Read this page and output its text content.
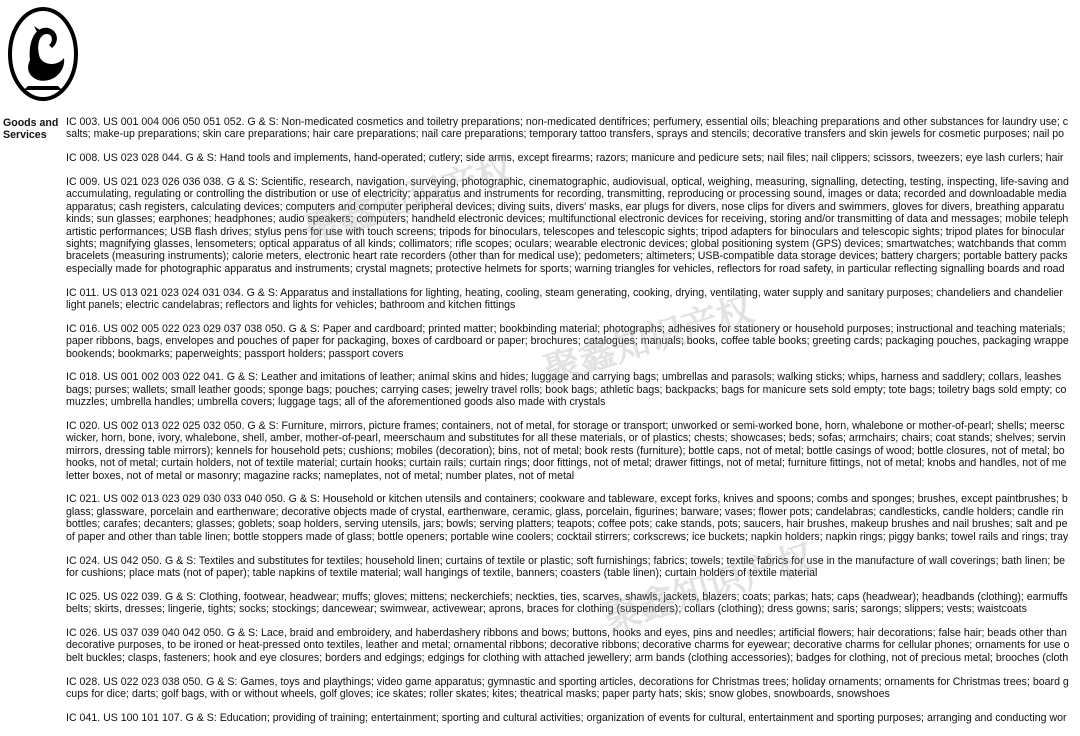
Goods and Services
IC 003. US 001 004 006 050 051 052. G & S: Non-medicated cosmetics and toiletry preparations; non-medicated dentifrices; perfumery, essential oils; bleaching preparations and other substances for laundry use; c
salts; make-up preparations; skin care preparations; hair care preparations; nail care preparations; temporary tattoo transfers, sprays and stencils; decorative transfers and skin jewels for cosmetic purposes; nail po
IC 008. US 023 028 044. G & S: Hand tools and implements, hand-operated; cutlery; side arms, except firearms; razors; manicure and pedicure sets; nail files; nail clippers; scissors, tweezers; eye lash curlers; hair
IC 009. US 021 023 026 036 038. G & S: Scientific, research, navigation, surveying, photographic, cinematographic, audiovisual, optical, weighing, measuring, signalling, detecting, testing, inspecting, life-saving and
accumulating, regulating or controlling the distribution or use of electricity; apparatus and instruments for recording, transmitting, reproducing or processing sound, images or data; recorded and downloadable media
apparatus; cash registers, calculating devices; computers and computer peripheral devices; diving suits, divers' masks, ear plugs for divers, nose clips for divers and swimmers, gloves for divers, breathing apparatu
kinds; sun glasses; earphones; headphones; audio speakers; computers; handheld electronic devices; multifunctional electronic devices for receiving, storing and/or transmitting of data and messages; mobile teleph
artistic performances; USB flash drives; stylus pens for use with touch screens; tripods for binoculars, telescopes and telescopic sights; tripod adapters for binoculars and telescopic sights; tripod plates for binocular
sights; magnifying glasses, lensometers; optical apparatus of all kinds; collimators; rifle scopes; oculars; wearable electronic devices; global positioning system (GPS) devices; smartwatches; watchbands that comm
bracelets (measuring instruments); calorie meters, electronic heart rate recorders (other than for medical use); pedometers; altimeters; USB-compatible data storage devices; battery chargers; portable battery packs
especially made for photographic apparatus and instruments; crystal magnets; protective helmets for sports; warning triangles for vehicles, reflectors for road safety, in particular reflecting signalling boards and road
IC 011. US 013 021 023 024 031 034. G & S: Apparatus and installations for lighting, heating, cooling, steam generating, cooking, drying, ventilating, water supply and sanitary purposes; chandeliers and chandelier
light panels; electric candelabras; reflectors and lights for vehicles; bathroom and kitchen fittings
IC 016. US 002 005 022 023 029 037 038 050. G & S: Paper and cardboard; printed matter; bookbinding material; photographs; adhesives for stationery or household purposes; instructional and teaching materials;
paper ribbons, bags, envelopes and pouches of paper for packaging, boxes of cardboard or paper; brochures; catalogues; manuals; books, coffee table books; greeting cards; packaging pouches, packaging wrappe
bookends; bookmarks; paperweights; passport holders; passport covers
IC 018. US 001 002 003 022 041. G & S: Leather and imitations of leather; animal skins and hides; luggage and carrying bags; umbrellas and parasols; walking sticks; whips, harness and saddlery; collars, leashes
bags; purses; wallets; small leather goods; sponge bags; pouches; carrying cases; jewelry travel rolls; book bags; athletic bags; backpacks; bags for manicure sets sold empty; tote bags; toiletry bags sold empty; co
muzzles; umbrella handles; umbrella covers; luggage tags; all of the aforementioned goods also made with crystals
IC 020. US 002 013 022 025 032 050. G & S: Furniture, mirrors, picture frames; containers, not of metal, for storage or transport; unworked or semi-worked bone, horn, whalebone or mother-of-pearl; shells; meersc
wicker, horn, bone, ivory, whalebone, shell, amber, mother-of-pearl, meerschaum and substitutes for all these materials, or of plastics; chests; showcases; beds; sofas; armchairs; chairs; coat stands; shelves; servin
mirrors, dressing table mirrors); kennels for household pets; cushions; mobiles (decoration); bins, not of metal; book rests (furniture); bottle caps, not of metal; bottle casings of wood; bottle closures, not of metal; bo
hooks, not of metal; curtain holders, not of textile material; curtain hooks; curtain rails; curtain rings; door fittings, not of metal; drawer fittings, not of metal; furniture fittings, not of metal; knobs and handles, not of me
letter boxes, not of metal or masonry; magazine racks; nameplates, not of metal; number plates, not of metal
IC 021. US 002 013 023 029 030 033 040 050. G & S: Household or kitchen utensils and containers; cookware and tableware, except forks, knives and spoons; combs and sponges; brushes, except paintbrushes; b
glass; glassware, porcelain and earthenware; decorative objects made of crystal, earthenware, ceramic, glass, porcelain, figurines; barware; vases; flower pots; candelabras; candlesticks, candle holders; candle rin
bottles; carafes; decanters; glasses; goblets; soap holders, serving utensils, jars; bowls; serving platters; teapots; coffee pots; cake stands, pots; saucers, hair brushes, makeup brushes and nail brushes; salt and pe
of paper and other than table linen; bottle stoppers made of glass; bottle openers; portable wine coolers; cocktail stirrers; corkscrews; ice buckets; napkin holders; napkin rings; piggy banks; towel rails and rings; tray
IC 024. US 042 050. G & S: Textiles and substitutes for textiles; household linen; curtains of textile or plastic; soft furnishings; fabrics; towels; textile fabrics for use in the manufacture of wall coverings; bath linen; be
for cushions; place mats (not of paper); table napkins of textile material; wall hangings of textile, banners; coasters (table linen); curtain holders of textile material
IC 025. US 022 039. G & S: Clothing, footwear, headwear; muffs; gloves; mittens; neckerchiefs; neckties, ties, scarves, shawls, jackets, blazers; coats; parkas; hats; caps (headwear); headbands (clothing); earmuffs
belts; skirts, dresses; lingerie, tights; socks; stockings; dancewear; swimwear, activewear; aprons, braces for clothing (suspenders); collars (clothing); dress gowns; saris; sarongs; slippers; vests; waistcoats
IC 026. US 037 039 040 042 050. G & S: Lace, braid and embroidery, and haberdashery ribbons and bows; buttons, hooks and eyes, pins and needles; artificial flowers; hair decorations; false hair; beads other than
decorative purposes, to be ironed or heat-pressed onto textiles, leather and metal; ornamental ribbons; decorative ribbons; decorative charms for eyewear; decorative charms for cellular phones; ornaments for use o
belt buckles; clasps, fasteners; hook and eye closures; borders and edgings; edgings for clothing with attached jewellery; arm bands (clothing accessories); badges for clothing, not of precious metal; brooches (cloth
IC 028. US 022 023 038 050. G & S: Games, toys and playthings; video game apparatus; gymnastic and sporting articles, decorations for Christmas trees; holiday ornaments; ornaments for Christmas trees; board g
cups for dice; darts; golf bags, with or without wheels, golf gloves; ice skates; roller skates; kites; theatrical masks; paper party hats; skis; snow globes, snowboards, snowshoes
IC 041. US 100 101 107. G & S: Education; providing of training; entertainment; sporting and cultural activities; organization of events for cultural, entertainment and sporting purposes; arranging and conducting wor
聚鑫知识产权
聚鑫知识产权
聚鑫知识产权
